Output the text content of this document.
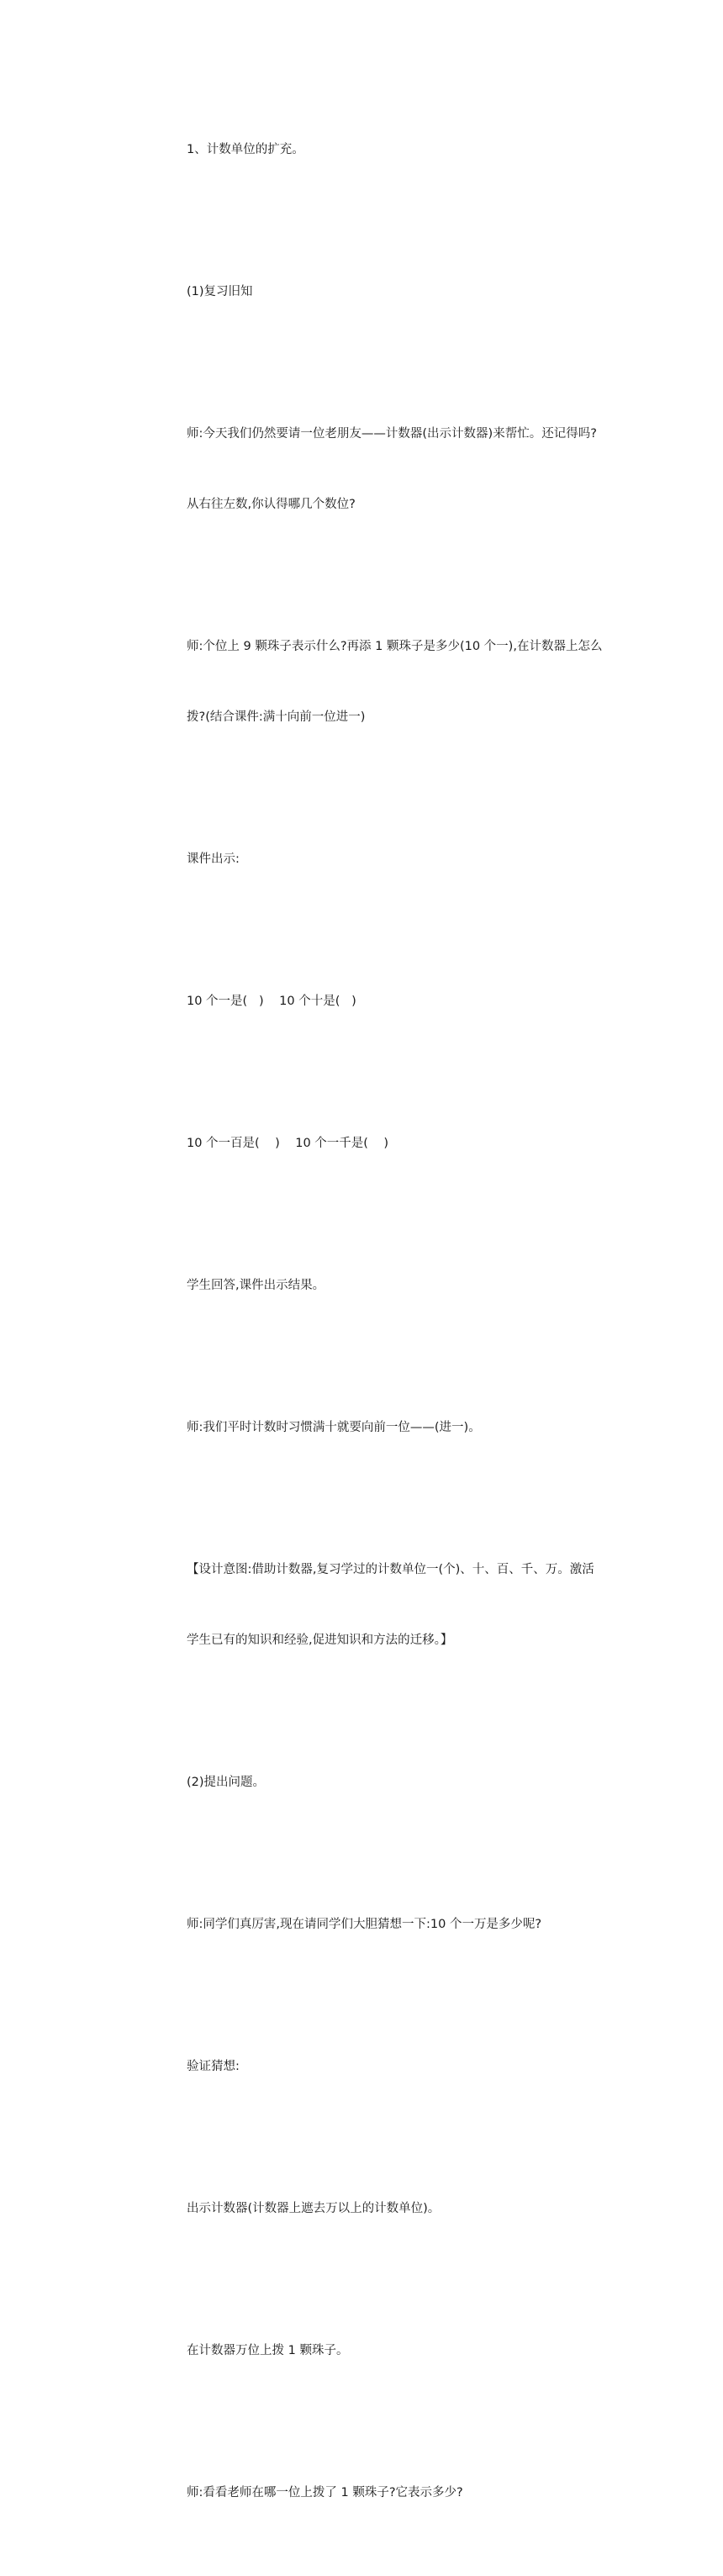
1、计数单位的扩充。

(1)复习旧知

师:今天我们仍然要请一位老朋友——计数器(出示计数器)来帮忙。还记得吗?

从右往左数,你认得哪几个数位?

师:个位上 9 颗珠子表示什么?再添 1 颗珠子是多少(10 个一),在计数器上怎么

拨?(结合课件:满十向前一位进一)

课件出示:

10 个一是(   )    10 个十是(   )

10 个一百是(    )    10 个一千是(    )

学生回答,课件出示结果。

师:我们平时计数时习惯满十就要向前一位——(进一)。

【设计意图:借助计数器,复习学过的计数单位一(个)、十、百、千、万。激活

学生已有的知识和经验,促进知识和方法的迁移。】

(2)提出问题。

师:同学们真厉害,现在请同学们大胆猜想一下:10 个一万是多少呢?

验证猜想:

出示计数器(计数器上遮去万以上的计数单位)。

在计数器万位上拨 1 颗珠子。

师:看看老师在哪一位上拨了 1 颗珠子?它表示多少?
